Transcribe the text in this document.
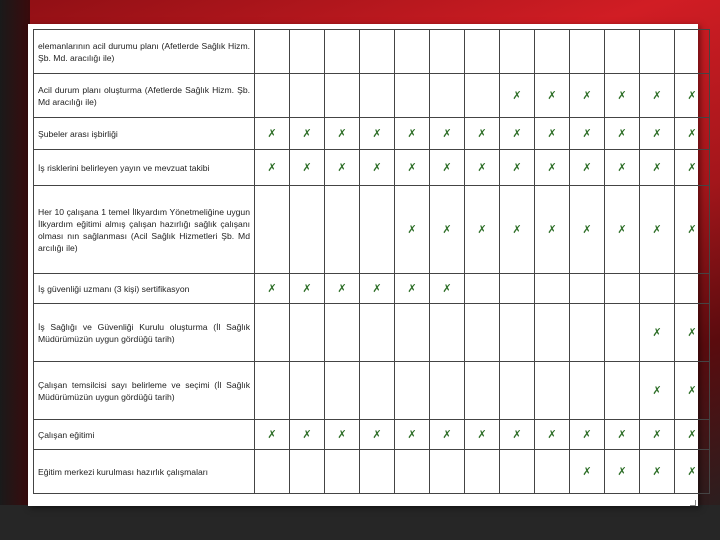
elemanlarının acil durumu planı (Afetlerde Sağlık Hizm. Şb. Md. aracılığı ile)													
Acil durum planı oluşturma (Afetlerde Sağlık Hizm. Şb. Md aracılığı ile)								✗	✗	✗	✗	✗	✗
Şubeler arası işbirliği	✗	✗	✗	✗	✗	✗	✗	✗	✗	✗	✗	✗	✗
İş risklerini belirleyen yayın ve mevzuat takibi	✗	✗	✗	✗	✗	✗	✗	✗	✗	✗	✗	✗	✗
Her 10 çalışana 1 temel İlkyardım Yönetmeliğine uygun İlkyardım eğitimi almış çalışan hazırlığı sağlık çalışanı olması nın sağlanması (Acil Sağlık Hizmetleri Şb. Md arcılığı ile)					✗	✗	✗	✗	✗	✗	✗	✗	✗
İş güvenliği uzmanı (3 kişi) sertifikasyon	✗	✗	✗	✗	✗	✗							
İş Sağlığı ve Güvenliği Kurulu oluşturma (İl Sağlık Müdürümüzün uygun gördüğü tarih)												✗	✗
Çalışan temsilcisi sayı belirleme ve seçimi (İl Sağlık Müdürümüzün uygun gördüğü tarih)												✗	✗
Çalışan eğitimi	✗	✗	✗	✗	✗	✗	✗	✗	✗	✗	✗	✗	✗
Eğitim merkezi kurulması hazırlık çalışmaları										✗	✗	✗	✗
